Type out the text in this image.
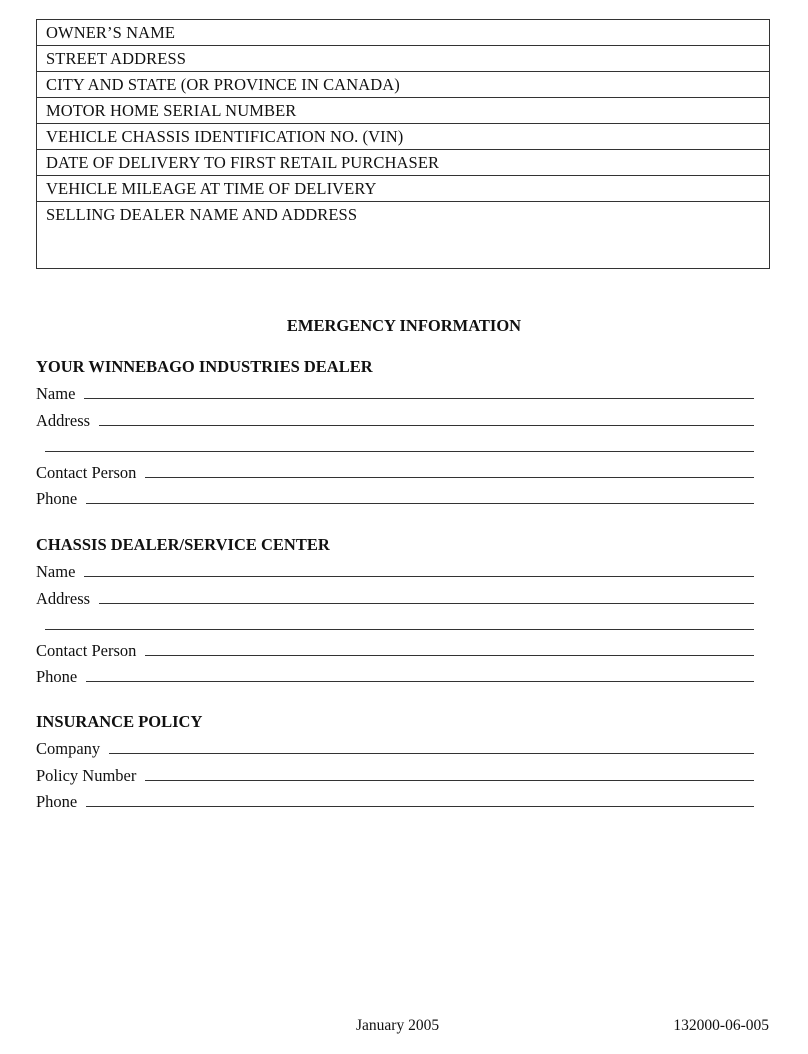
OWNER’S NAME
STREET ADDRESS
CITY AND STATE (OR PROVINCE IN CANADA)
MOTOR HOME SERIAL NUMBER
VEHICLE CHASSIS IDENTIFICATION NO. (VIN)
DATE OF DELIVERY TO FIRST RETAIL PURCHASER
VEHICLE MILEAGE AT TIME OF DELIVERY
SELLING DEALER NAME AND ADDRESS
EMERGENCY INFORMATION
YOUR WINNEBAGO INDUSTRIES DEALER
Name
Address
Contact Person
Phone
CHASSIS DEALER/SERVICE CENTER
Name
Address
Contact Person
Phone
INSURANCE POLICY
Company
Policy Number
Phone
January 2005	132000-06-005
